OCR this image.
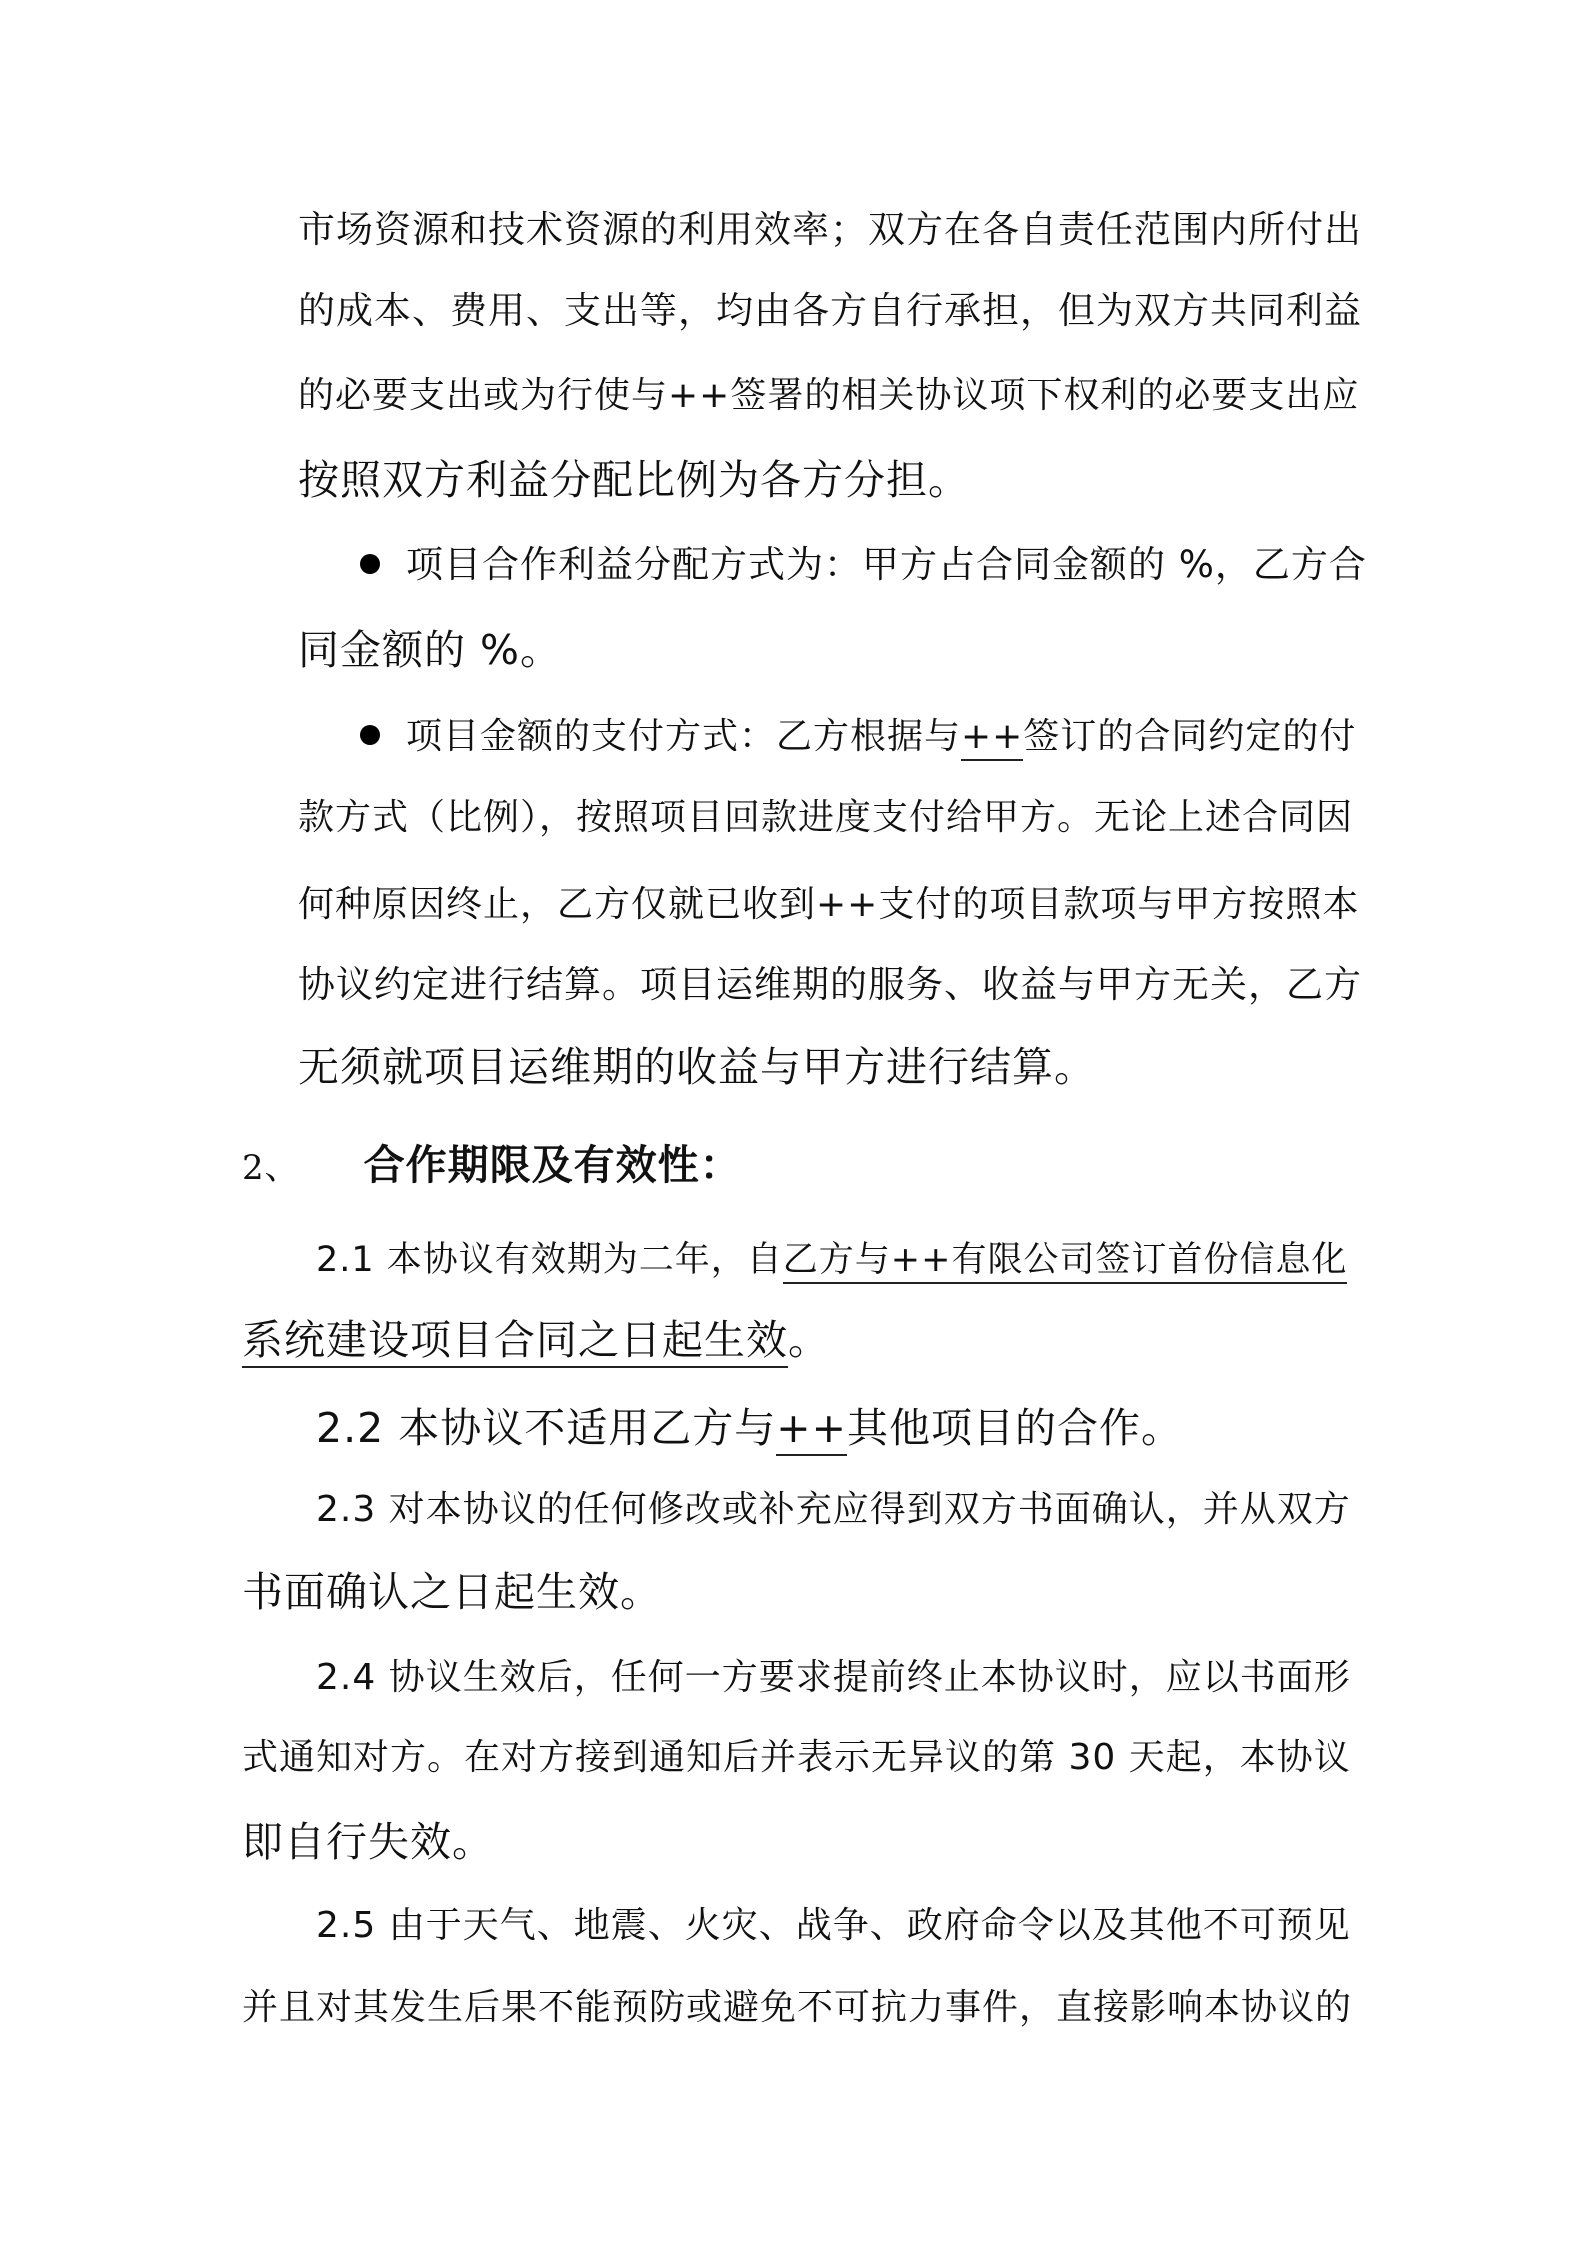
市场资源和技术资源的利用效率；双方在各自责任范围内所付出
的成本、费用、支出等，均由各方自行承担，但为双方共同利益
的必要支出或为行使与++签署的相关协议项下权利的必要支出应
按照双方利益分配比例为各方分担。
项目合作利益分配方式为：甲方占合同金额的 %，乙方合
同金额的 %。
项目金额的支付方式：乙方根据与++签订的合同约定的付
款方式（比例），按照项目回款进度支付给甲方。无论上述合同因
何种原因终止，乙方仅就已收到++支付的项目款项与甲方按照本
协议约定进行结算。项目运维期的服务、收益与甲方无关，乙方
无须就项目运维期的收益与甲方进行结算。
2、 合作期限及有效性：
2.1 本协议有效期为二年，自乙方与++有限公司签订首份信息化
系统建设项目合同之日起生效。
2.2 本协议不适用乙方与++其他项目的合作。
2.3 对本协议的任何修改或补充应得到双方书面确认，并从双方
书面确认之日起生效。
2.4 协议生效后，任何一方要求提前终止本协议时，应以书面形
式通知对方。在对方接到通知后并表示无异议的第 30 天起，本协议
即自行失效。
2.5 由于天气、地震、火灾、战争、政府命令以及其他不可预见
并且对其发生后果不能预防或避免不可抗力事件，直接影响本协议的
